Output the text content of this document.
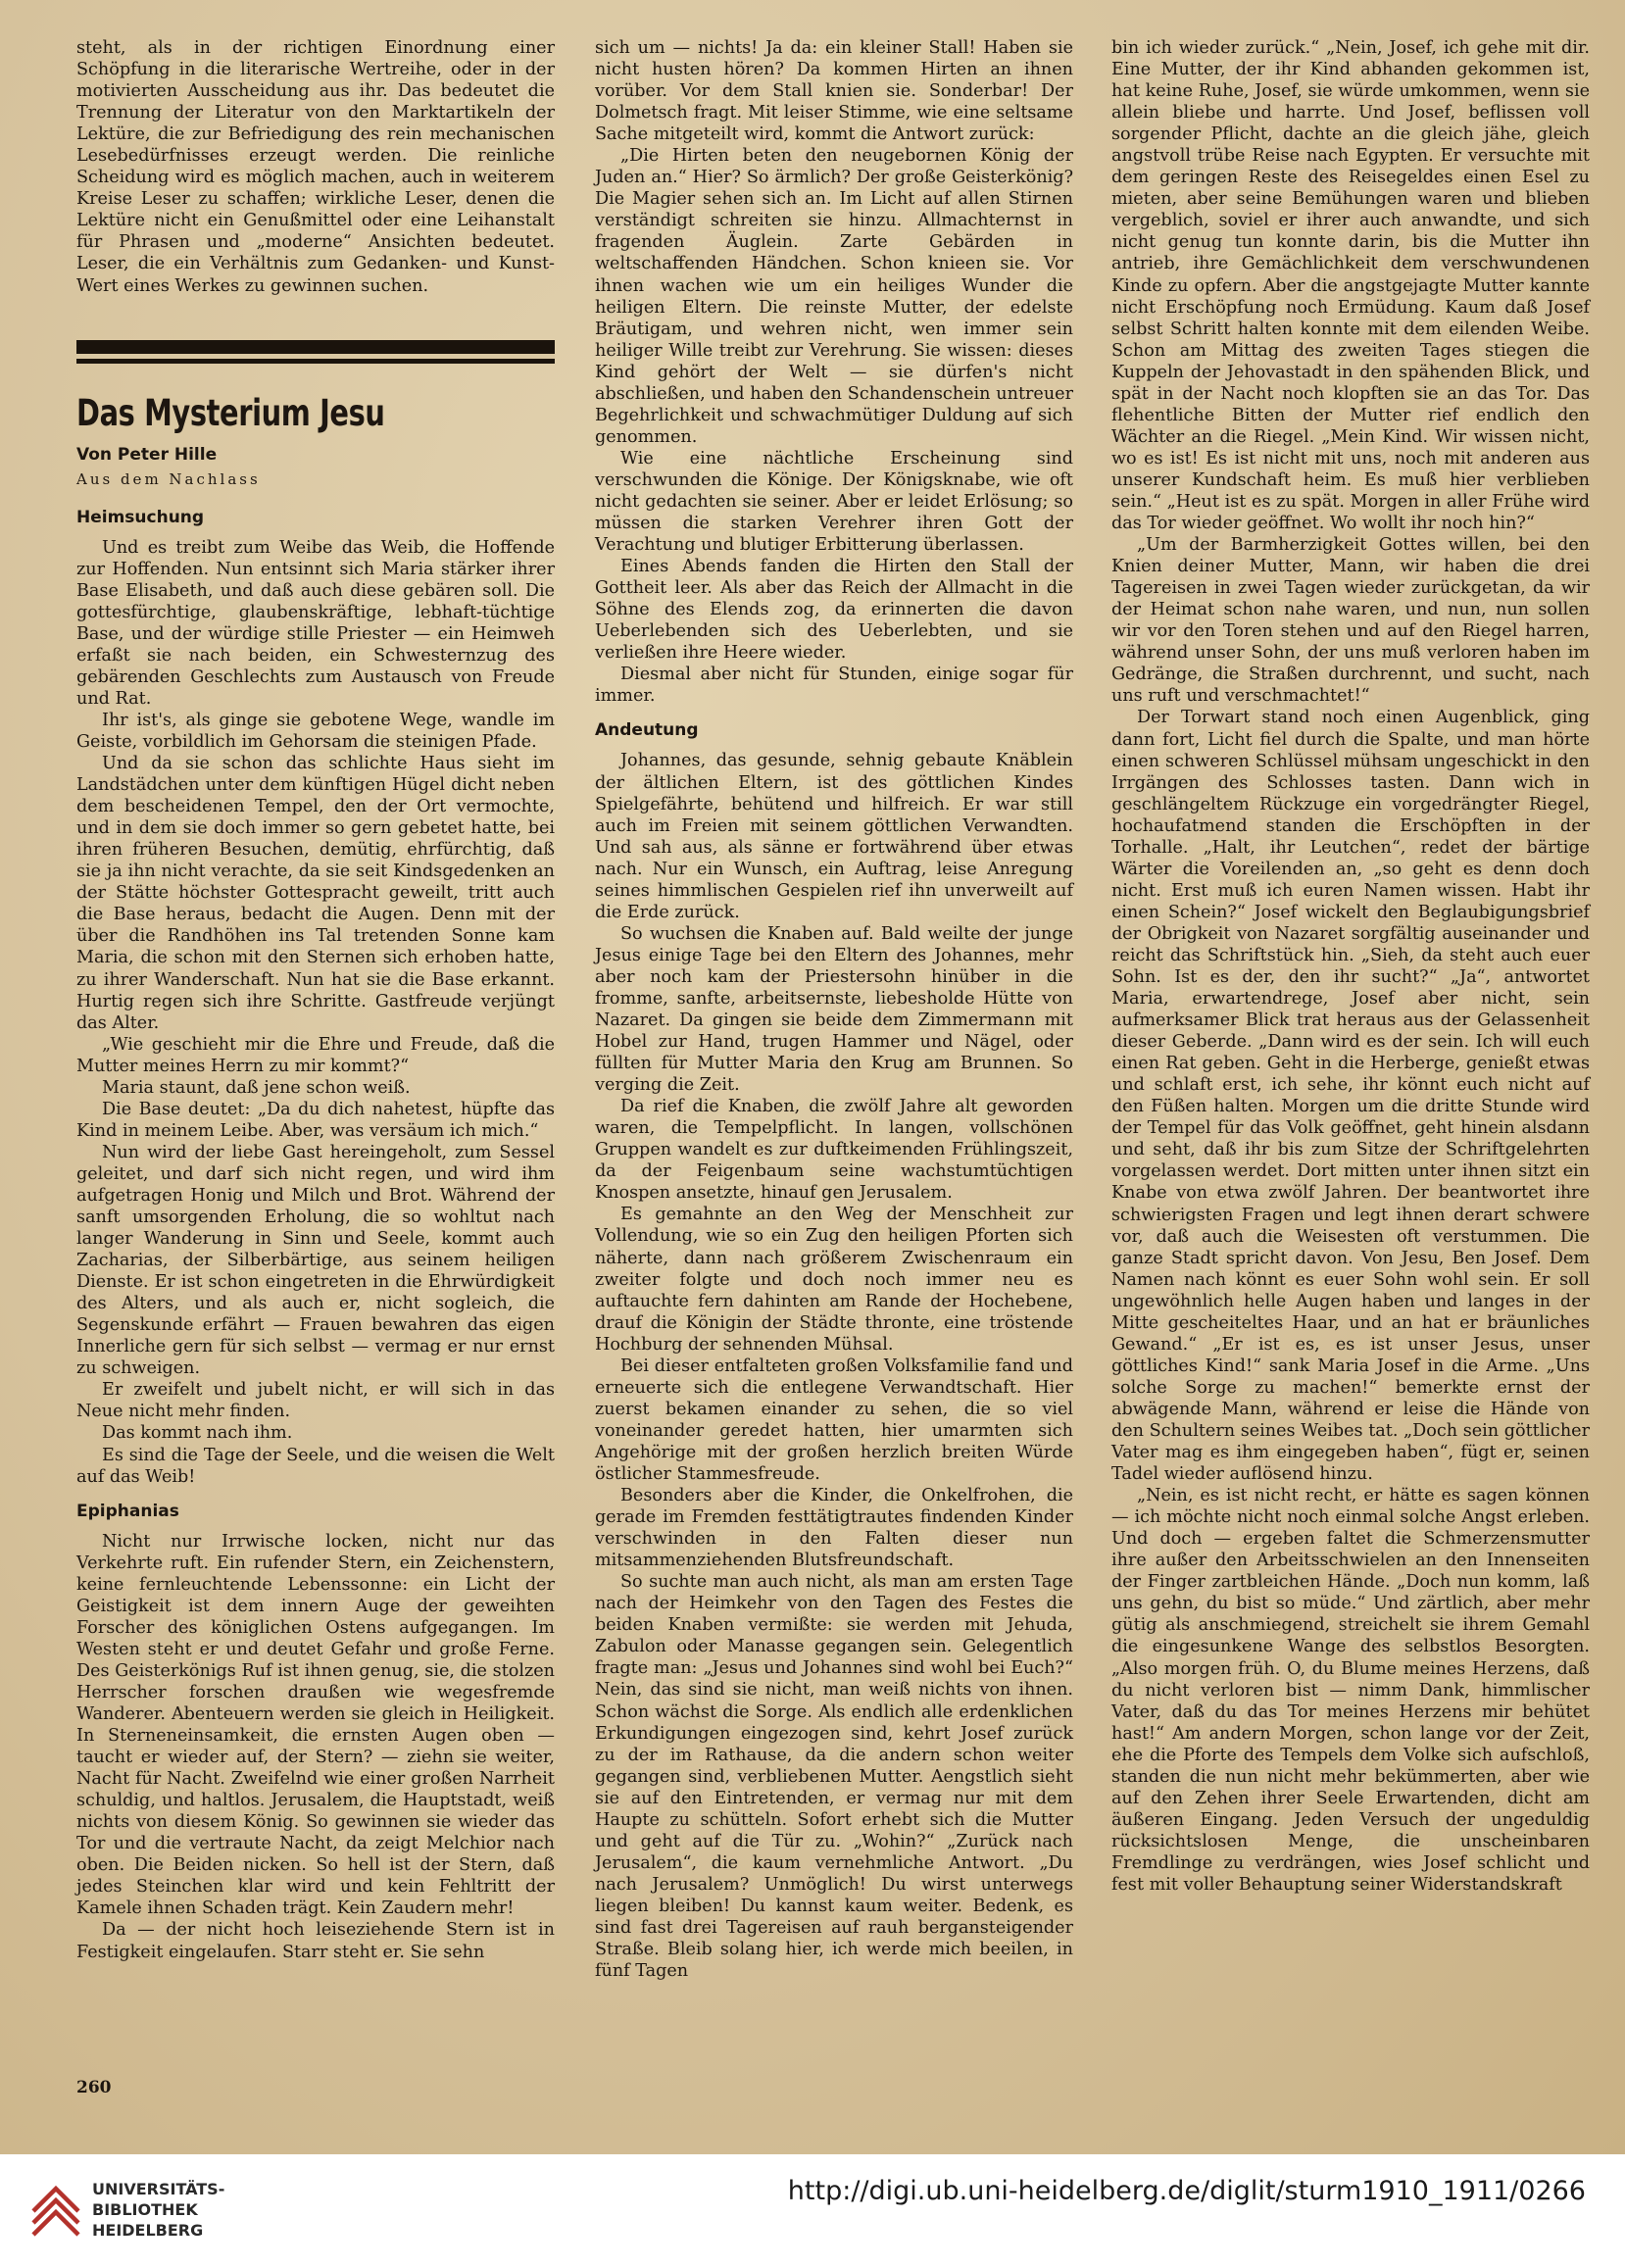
steht, als in der richtigen Einordnung einer Schöpfung in die literarische Wertreihe, oder in der motivierten Ausscheidung aus ihr. Das bedeutet die Trennung der Literatur von den Marktartikeln der Lektüre, die zur Befriedigung des rein mechanischen Lesebedürfnisses erzeugt werden. Die reinliche Scheidung wird es möglich machen, auch in weiterem Kreise Leser zu schaffen; wirkliche Leser, denen die Lektüre nicht ein Genußmittel oder eine Leihanstalt für Phrasen und „moderne“ Ansichten bedeutet. Leser, die ein Verhältnis zum Gedanken- und Kunst-Wert eines Werkes zu gewinnen suchen.

Das Mysterium Jesu
Von Peter Hille
Aus dem Nachlass
Heimsuchung

Und es treibt zum Weibe das Weib, die Hoffende zur Hoffenden. Nun entsinnt sich Maria stärker ihrer Base Elisabeth, und daß auch diese gebären soll. Die gottesfürchtige, glaubenskräftige, lebhaft-tüchtige Base, und der würdige stille Priester — ein Heimweh erfaßt sie nach beiden, ein Schwesternzug des gebärenden Geschlechts zum Austausch von Freude und Rat.

Ihr ist's, als ginge sie gebotene Wege, wandle im Geiste, vorbildlich im Gehorsam die steinigen Pfade.

Und da sie schon das schlichte Haus sieht im Landstädchen unter dem künftigen Hügel dicht neben dem bescheidenen Tempel, den der Ort vermochte, und in dem sie doch immer so gern gebetet hatte, bei ihren früheren Besuchen, demütig, ehrfürchtig, daß sie ja ihn nicht verachte, da sie seit Kindsgedenken an der Stätte höchster Gottespracht geweilt, tritt auch die Base heraus, bedacht die Augen. Denn mit der über die Randhöhen ins Tal tretenden Sonne kam Maria, die schon mit den Sternen sich erhoben hatte, zu ihrer Wanderschaft. Nun hat sie die Base erkannt. Hurtig regen sich ihre Schritte. Gastfreude verjüngt das Alter.

„Wie geschieht mir die Ehre und Freude, daß die Mutter meines Herrn zu mir kommt?“

Maria staunt, daß jene schon weiß.

Die Base deutet: „Da du dich nahetest, hüpfte das Kind in meinem Leibe. Aber, was versäum ich mich.“

Nun wird der liebe Gast hereingeholt, zum Sessel geleitet, und darf sich nicht regen, und wird ihm aufgetragen Honig und Milch und Brot. Während der sanft umsorgenden Erholung, die so wohltut nach langer Wanderung in Sinn und Seele, kommt auch Zacharias, der Silberbärtige, aus seinem heiligen Dienste. Er ist schon eingetreten in die Ehrwürdigkeit des Alters, und als auch er, nicht sogleich, die Segenskunde erfährt — Frauen bewahren das eigen Innerliche gern für sich selbst — vermag er nur ernst zu schweigen.

Er zweifelt und jubelt nicht, er will sich in das Neue nicht mehr finden.

Das kommt nach ihm.

Es sind die Tage der Seele, und die weisen die Welt auf das Weib!

Epiphanias

Nicht nur Irrwische locken, nicht nur das Verkehrte ruft. Ein rufender Stern, ein Zeichenstern, keine fernleuchtende Lebenssonne: ein Licht der Geistigkeit ist dem innern Auge der geweihten Forscher des königlichen Ostens aufgegangen. Im Westen steht er und deutet Gefahr und große Ferne. Des Geisterkönigs Ruf ist ihnen genug, sie, die stolzen Herrscher forschen draußen wie wegesfremde Wanderer. Abenteuern werden sie gleich in Heiligkeit. In Sterneneinsamkeit, die ernsten Augen oben — taucht er wieder auf, der Stern? — ziehn sie weiter, Nacht für Nacht. Zweifelnd wie einer großen Narrheit schuldig, und haltlos. Jerusalem, die Hauptstadt, weiß nichts von diesem König. So gewinnen sie wieder das Tor und die vertraute Nacht, da zeigt Melchior nach oben. Die Beiden nicken. So hell ist der Stern, daß jedes Steinchen klar wird und kein Fehltritt der Kamele ihnen Schaden trägt. Kein Zaudern mehr!

Da — der nicht hoch leiseziehende Stern ist in Festigkeit eingelaufen. Starr steht er. Sie sehn

sich um — nichts! Ja da: ein kleiner Stall! Haben sie nicht husten hören? Da kommen Hirten an ihnen vorüber. Vor dem Stall knien sie. Sonderbar! Der Dolmetsch fragt. Mit leiser Stimme, wie eine seltsame Sache mitgeteilt wird, kommt die Antwort zurück:

„Die Hirten beten den neugebornen König der Juden an.“ Hier? So ärmlich? Der große Geisterkönig? Die Magier sehen sich an. Im Licht auf allen Stirnen verständigt schreiten sie hinzu. Allmachternst in fragenden Äuglein. Zarte Gebärden in weltschaffenden Händchen. Schon knieen sie. Vor ihnen wachen wie um ein heiliges Wunder die heiligen Eltern. Die reinste Mutter, der edelste Bräutigam, und wehren nicht, wen immer sein heiliger Wille treibt zur Verehrung. Sie wissen: dieses Kind gehört der Welt — sie dürfen's nicht abschließen, und haben den Schandenschein untreuer Begehrlichkeit und schwachmütiger Duldung auf sich genommen.

Wie eine nächtliche Erscheinung sind verschwunden die Könige. Der Königsknabe, wie oft nicht gedachten sie seiner. Aber er leidet Erlösung; so müssen die starken Verehrer ihren Gott der Verachtung und blutiger Erbitterung überlassen.

Eines Abends fanden die Hirten den Stall der Gottheit leer. Als aber das Reich der Allmacht in die Söhne des Elends zog, da erinnerten die davon Ueberlebenden sich des Ueberlebten, und sie verließen ihre Heere wieder.

Diesmal aber nicht für Stunden, einige sogar für immer.

Andeutung

Johannes, das gesunde, sehnig gebaute Knäblein der ältlichen Eltern, ist des göttlichen Kindes Spielgefährte, behütend und hilfreich. Er war still auch im Freien mit seinem göttlichen Verwandten. Und sah aus, als sänne er fortwährend über etwas nach. Nur ein Wunsch, ein Auftrag, leise Anregung seines himmlischen Gespielen rief ihn unverweilt auf die Erde zurück.

So wuchsen die Knaben auf. Bald weilte der junge Jesus einige Tage bei den Eltern des Johannes, mehr aber noch kam der Priestersohn hinüber in die fromme, sanfte, arbeitsernste, liebesholde Hütte von Nazaret. Da gingen sie beide dem Zimmermann mit Hobel zur Hand, trugen Hammer und Nägel, oder füllten für Mutter Maria den Krug am Brunnen. So verging die Zeit.

Da rief die Knaben, die zwölf Jahre alt geworden waren, die Tempelpflicht. In langen, vollschönen Gruppen wandelt es zur duftkeimenden Frühlingszeit, da der Feigenbaum seine wachstumtüchtigen Knospen ansetzte, hinauf gen Jerusalem.

Es gemahnte an den Weg der Menschheit zur Vollendung, wie so ein Zug den heiligen Pforten sich näherte, dann nach größerem Zwischenraum ein zweiter folgte und doch noch immer neu es auftauchte fern dahinten am Rande der Hochebene, drauf die Königin der Städte thronte, eine tröstende Hochburg der sehnenden Mühsal.

Bei dieser entfalteten großen Volksfamilie fand und erneuerte sich die entlegene Verwandtschaft. Hier zuerst bekamen einander zu sehen, die so viel voneinander geredet hatten, hier umarmten sich Angehörige mit der großen herzlich breiten Würde östlicher Stammesfreude.

Besonders aber die Kinder, die Onkelfrohen, die gerade im Fremden festtätigtrautes findenden Kinder verschwinden in den Falten dieser nun mitsammenziehenden Blutsfreundschaft.

So suchte man auch nicht, als man am ersten Tage nach der Heimkehr von den Tagen des Festes die beiden Knaben vermißte: sie werden mit Jehuda, Zabulon oder Manasse gegangen sein. Gelegentlich fragte man: „Jesus und Johannes sind wohl bei Euch?“ Nein, das sind sie nicht, man weiß nichts von ihnen. Schon wächst die Sorge. Als endlich alle erdenklichen Erkundigungen eingezogen sind, kehrt Josef zurück zu der im Rathause, da die andern schon weiter gegangen sind, verbliebenen Mutter. Aengstlich sieht sie auf den Eintretenden, er vermag nur mit dem Haupte zu schütteln. Sofort erhebt sich die Mutter und geht auf die Tür zu. „Wohin?“ „Zurück nach Jerusalem“, die kaum vernehmliche Antwort. „Du nach Jerusalem? Unmöglich! Du wirst unterwegs liegen bleiben! Du kannst kaum weiter. Bedenk, es sind fast drei Tagereisen auf rauh bergansteigender Straße. Bleib solang hier, ich werde mich beeilen, in fünf Tagen

bin ich wieder zurück.“ „Nein, Josef, ich gehe mit dir. Eine Mutter, der ihr Kind abhanden gekommen ist, hat keine Ruhe, Josef, sie würde umkommen, wenn sie allein bliebe und harrte. Und Josef, beflissen voll sorgender Pflicht, dachte an die gleich jähe, gleich angstvoll trübe Reise nach Egypten. Er versuchte mit dem geringen Reste des Reisegeldes einen Esel zu mieten, aber seine Bemühungen waren und blieben vergeblich, soviel er ihrer auch anwandte, und sich nicht genug tun konnte darin, bis die Mutter ihn antrieb, ihre Gemächlichkeit dem verschwundenen Kinde zu opfern. Aber die angstgejagte Mutter kannte nicht Erschöpfung noch Ermüdung. Kaum daß Josef selbst Schritt halten konnte mit dem eilenden Weibe. Schon am Mittag des zweiten Tages stiegen die Kuppeln der Jehovastadt in den spähenden Blick, und spät in der Nacht noch klopften sie an das Tor. Das flehentliche Bitten der Mutter rief endlich den Wächter an die Riegel. „Mein Kind. Wir wissen nicht, wo es ist! Es ist nicht mit uns, noch mit anderen aus unserer Kundschaft heim. Es muß hier verblieben sein.“ „Heut ist es zu spät. Morgen in aller Frühe wird das Tor wieder geöffnet. Wo wollt ihr noch hin?“

„Um der Barmherzigkeit Gottes willen, bei den Knien deiner Mutter, Mann, wir haben die drei Tagereisen in zwei Tagen wieder zurückgetan, da wir der Heimat schon nahe waren, und nun, nun sollen wir vor den Toren stehen und auf den Riegel harren, während unser Sohn, der uns muß verloren haben im Gedränge, die Straßen durchrennt, und sucht, nach uns ruft und verschmachtet!“

Der Torwart stand noch einen Augenblick, ging dann fort, Licht fiel durch die Spalte, und man hörte einen schweren Schlüssel mühsam ungeschickt in den Irrgängen des Schlosses tasten. Dann wich in geschlängeltem Rückzuge ein vorgedrängter Riegel, hochaufatmend standen die Erschöpften in der Torhalle. „Halt, ihr Leutchen“, redet der bärtige Wärter die Voreilenden an, „so geht es denn doch nicht. Erst muß ich euren Namen wissen. Habt ihr einen Schein?“ Josef wickelt den Beglaubigungsbrief der Obrigkeit von Nazaret sorgfältig auseinander und reicht das Schriftstück hin. „Sieh, da steht auch euer Sohn. Ist es der, den ihr sucht?“ „Ja“, antwortet Maria, erwartendrege, Josef aber nicht, sein aufmerksamer Blick trat heraus aus der Gelassenheit dieser Geberde. „Dann wird es der sein. Ich will euch einen Rat geben. Geht in die Herberge, genießt etwas und schlaft erst, ich sehe, ihr könnt euch nicht auf den Füßen halten. Morgen um die dritte Stunde wird der Tempel für das Volk geöffnet, geht hinein alsdann und seht, daß ihr bis zum Sitze der Schriftgelehrten vorgelassen werdet. Dort mitten unter ihnen sitzt ein Knabe von etwa zwölf Jahren. Der beantwortet ihre schwierigsten Fragen und legt ihnen derart schwere vor, daß auch die Weisesten oft verstummen. Die ganze Stadt spricht davon. Von Jesu, Ben Josef. Dem Namen nach könnt es euer Sohn wohl sein. Er soll ungewöhnlich helle Augen haben und langes in der Mitte gescheiteltes Haar, und an hat er bräunliches Gewand.“ „Er ist es, es ist unser Jesus, unser göttliches Kind!“ sank Maria Josef in die Arme. „Uns solche Sorge zu machen!“ bemerkte ernst der abwägende Mann, während er leise die Hände von den Schultern seines Weibes tat. „Doch sein göttlicher Vater mag es ihm eingegeben haben“, fügt er, seinen Tadel wieder auflösend hinzu.

„Nein, es ist nicht recht, er hätte es sagen können — ich möchte nicht noch einmal solche Angst erleben. Und doch — ergeben faltet die Schmerzensmutter ihre außer den Arbeitsschwielen an den Innenseiten der Finger zartbleichen Hände. „Doch nun komm, laß uns gehn, du bist so müde.“ Und zärtlich, aber mehr gütig als anschmiegend, streichelt sie ihrem Gemahl die eingesunkene Wange des selbstlos Besorgten. „Also morgen früh. O, du Blume meines Herzens, daß du nicht verloren bist — nimm Dank, himmlischer Vater, daß du das Tor meines Herzens mir behütet hast!“ Am andern Morgen, schon lange vor der Zeit, ehe die Pforte des Tempels dem Volke sich aufschloß, standen die nun nicht mehr bekümmerten, aber wie auf den Zehen ihrer Seele Erwartenden, dicht am äußeren Eingang. Jeden Versuch der ungeduldig rücksichtslosen Menge, die unscheinbaren Fremdlinge zu verdrängen, wies Josef schlicht und fest mit voller Behauptung seiner Widerstandskraft

260
UNIVERSITÄTS-
BIBLIOTHEK
HEIDELBERG
http://digi.ub.uni-heidelberg.de/diglit/sturm1910_1911/0266
